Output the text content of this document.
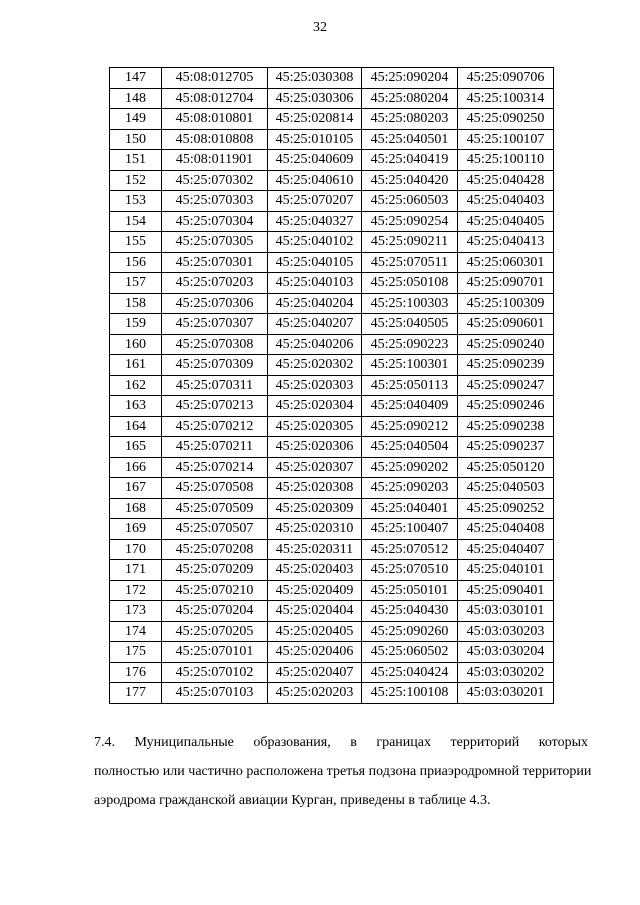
32
147	45:08:012705	45:25:030308	45:25:090204	45:25:090706
148	45:08:012704	45:25:030306	45:25:080204	45:25:100314
149	45:08:010801	45:25:020814	45:25:080203	45:25:090250
150	45:08:010808	45:25:010105	45:25:040501	45:25:100107
151	45:08:011901	45:25:040609	45:25:040419	45:25:100110
152	45:25:070302	45:25:040610	45:25:040420	45:25:040428
153	45:25:070303	45:25:070207	45:25:060503	45:25:040403
154	45:25:070304	45:25:040327	45:25:090254	45:25:040405
155	45:25:070305	45:25:040102	45:25:090211	45:25:040413
156	45:25:070301	45:25:040105	45:25:070511	45:25:060301
157	45:25:070203	45:25:040103	45:25:050108	45:25:090701
158	45:25:070306	45:25:040204	45:25:100303	45:25:100309
159	45:25:070307	45:25:040207	45:25:040505	45:25:090601
160	45:25:070308	45:25:040206	45:25:090223	45:25:090240
161	45:25:070309	45:25:020302	45:25:100301	45:25:090239
162	45:25:070311	45:25:020303	45:25:050113	45:25:090247
163	45:25:070213	45:25:020304	45:25:040409	45:25:090246
164	45:25:070212	45:25:020305	45:25:090212	45:25:090238
165	45:25:070211	45:25:020306	45:25:040504	45:25:090237
166	45:25:070214	45:25:020307	45:25:090202	45:25:050120
167	45:25:070508	45:25:020308	45:25:090203	45:25:040503
168	45:25:070509	45:25:020309	45:25:040401	45:25:090252
169	45:25:070507	45:25:020310	45:25:100407	45:25:040408
170	45:25:070208	45:25:020311	45:25:070512	45:25:040407
171	45:25:070209	45:25:020403	45:25:070510	45:25:040101
172	45:25:070210	45:25:020409	45:25:050101	45:25:090401
173	45:25:070204	45:25:020404	45:25:040430	45:03:030101
174	45:25:070205	45:25:020405	45:25:090260	45:03:030203
175	45:25:070101	45:25:020406	45:25:060502	45:03:030204
176	45:25:070102	45:25:020407	45:25:040424	45:03:030202
177	45:25:070103	45:25:020203	45:25:100108	45:03:030201
7.4. Муниципальные образования, в границах территорий которых
полностью или частично расположена третья подзона приаэродромной территории
аэродрома гражданской авиации Курган, приведены в таблице 4.3.
